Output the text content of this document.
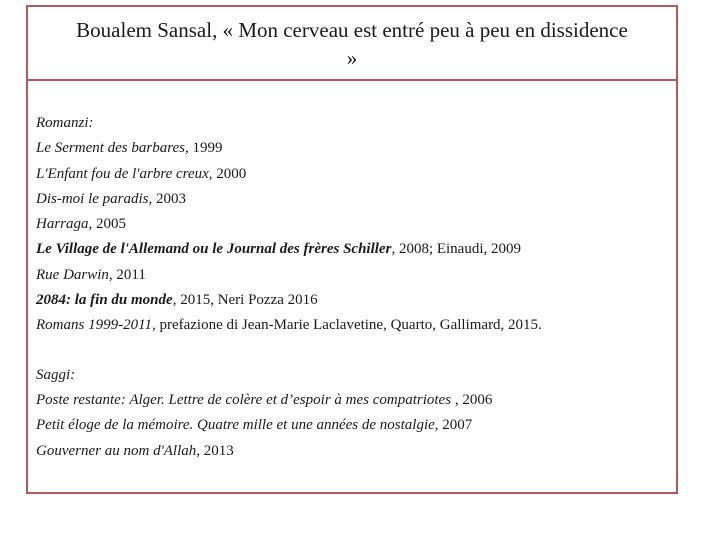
Boualem Sansal, « Mon cerveau est entré peu à peu en dissidence »
Romanzi:
Le Serment des barbares, 1999
L'Enfant fou de l'arbre creux, 2000
Dis-moi le paradis, 2003
Harraga, 2005
Le Village de l'Allemand ou le Journal des frères Schiller, 2008; Einaudi, 2009
Rue Darwin, 2011
2084: la fin du monde, 2015, Neri Pozza 2016
Romans 1999-2011, prefazione di Jean-Marie Laclavetine, Quarto, Gallimard, 2015.
Saggi:
Poste restante: Alger. Lettre de colère et d’espoir à mes compatriotes , 2006
Petit éloge de la mémoire. Quatre mille et une années de nostalgie, 2007
Gouverner au nom d'Allah, 2013
